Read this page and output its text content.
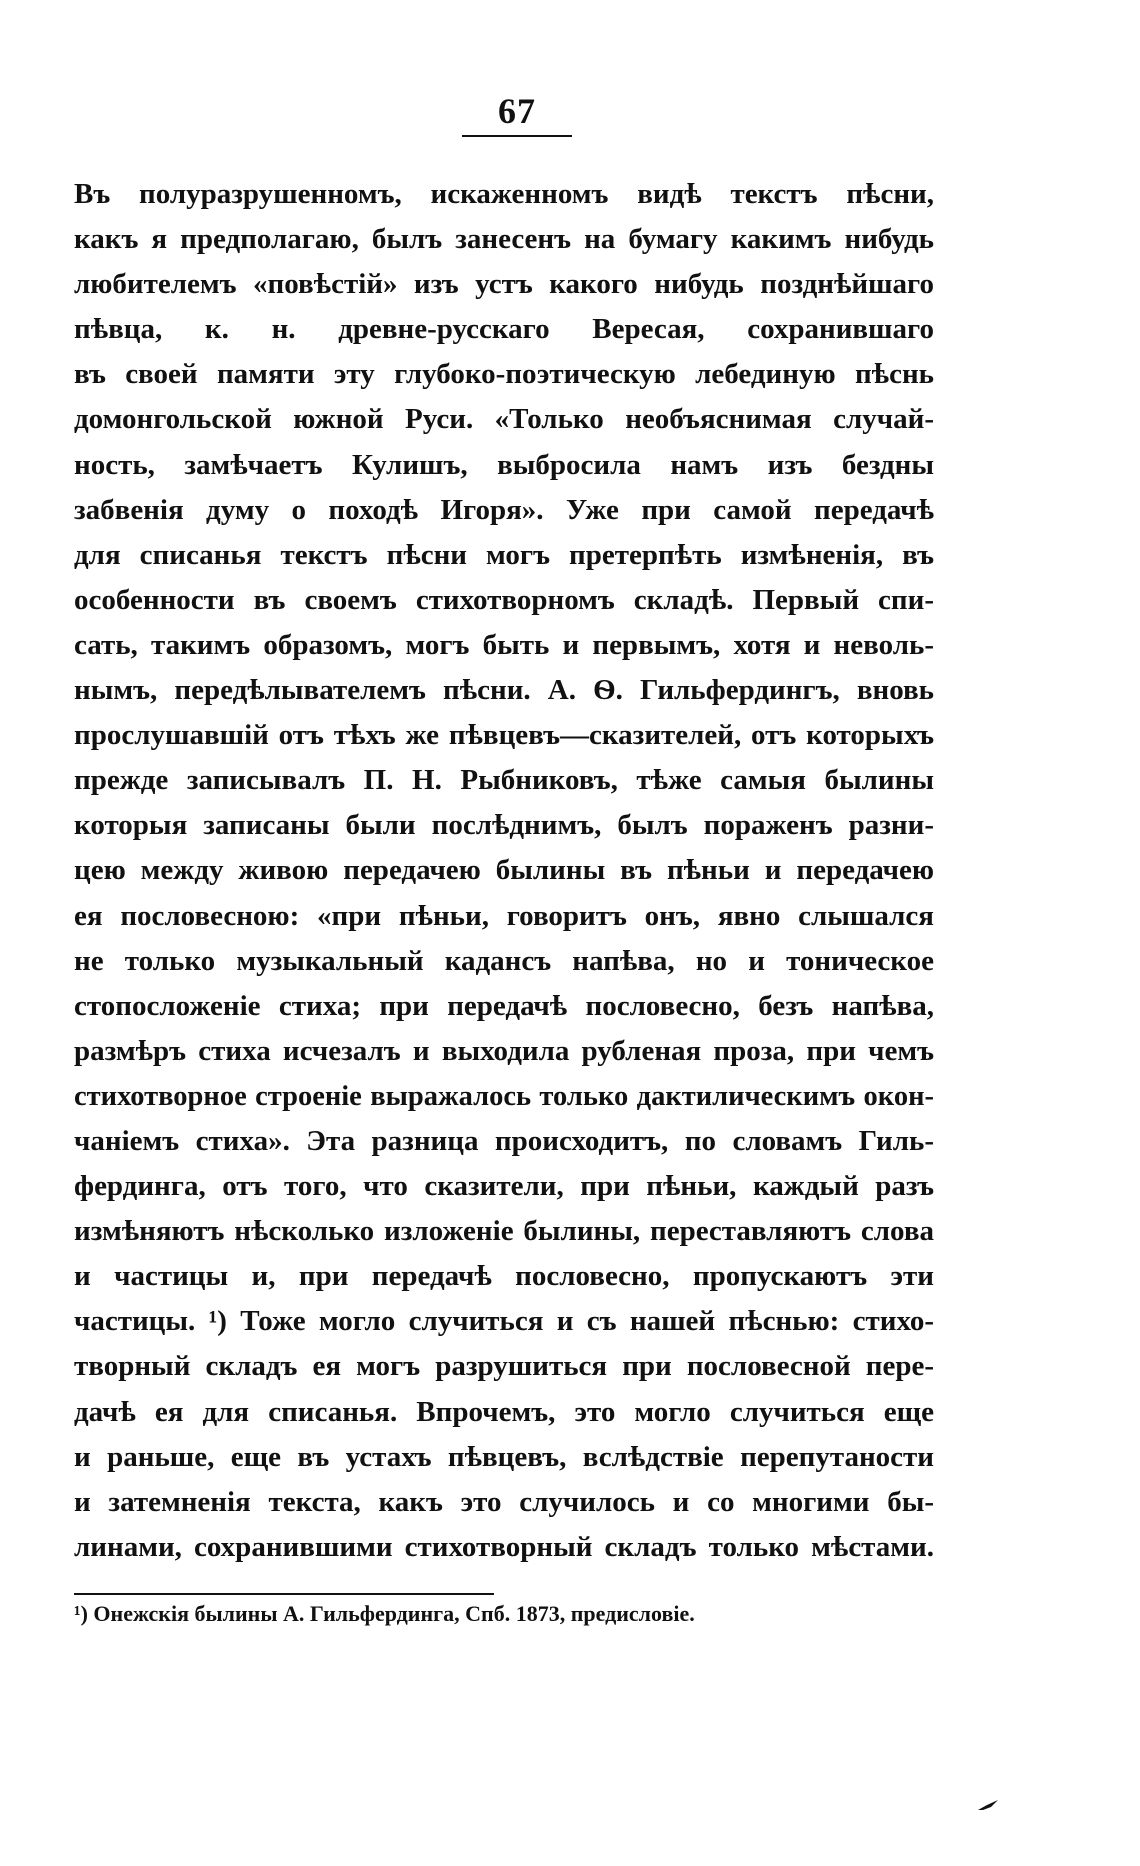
67
Въ полуразрушенномъ, искаженномъ видѣ текстъ пѣсни,
какъ я предполагаю, былъ занесенъ на бумагу какимъ нибудь
любителемъ «повѣстій» изъ устъ какого нибудь позднѣйшаго
пѣвца, к. н. древне-русскаго Вересая, сохранившаго
въ своей памяти эту глубоко-поэтическую лебединую пѣснь
домонгольской южной Руси. «Только необъяснимая случай-
ность, замѣчаетъ Кулишъ, выбросила намъ изъ бездны
забвенія думу о походѣ Игоря». Уже при самой передачѣ
для списанья текстъ пѣсни могъ претерпѣть измѣненія, въ
особенности въ своемъ стихотворномъ складѣ. Первый спи-
сать, такимъ образомъ, могъ быть и первымъ, хотя и неволь-
нымъ, передѣлывателемъ пѣсни. А. Ѳ. Гильфердингъ, вновь
прослушавшій отъ тѣхъ же пѣвцевъ—сказителей, отъ которыхъ
прежде записывалъ П. Н. Рыбниковъ, тѣже самыя былины
которыя записаны были послѣднимъ, былъ пораженъ разни-
цею между живою передачею былины въ пѣньи и передачею
ея пословесною: «при пѣньи, говоритъ онъ, явно слышался
не только музыкальный кадансъ напѣва, но и тоническое
стопосложеніе стиха; при передачѣ пословесно, безъ напѣва,
размѣръ стиха исчезалъ и выходила рубленая проза, при чемъ
стихотворное строеніе выражалось только дактилическимъ окон-
чаніемъ стиха». Эта разница происходитъ, по словамъ Гиль-
фердинга, отъ того, что сказители, при пѣньи, каждый разъ
измѣняютъ нѣсколько изложеніе былины, переставляютъ слова
и частицы и, при передачѣ пословесно, пропускаютъ эти
частицы. ¹) Тоже могло случиться и съ нашей пѣснью: стихо-
творный складъ ея могъ разрушиться при пословесной пере-
дачѣ ея для списанья. Впрочемъ, это могло случиться еще
и раньше, еще въ устахъ пѣвцевъ, вслѣдствіе перепутаности
и затемненія текста, какъ это случилось и со многими бы-
линами, сохранившими стихотворный складъ только мѣстами.
¹) Онежскія былины А. Гильфердинга, Спб. 1873, предисловіе.
